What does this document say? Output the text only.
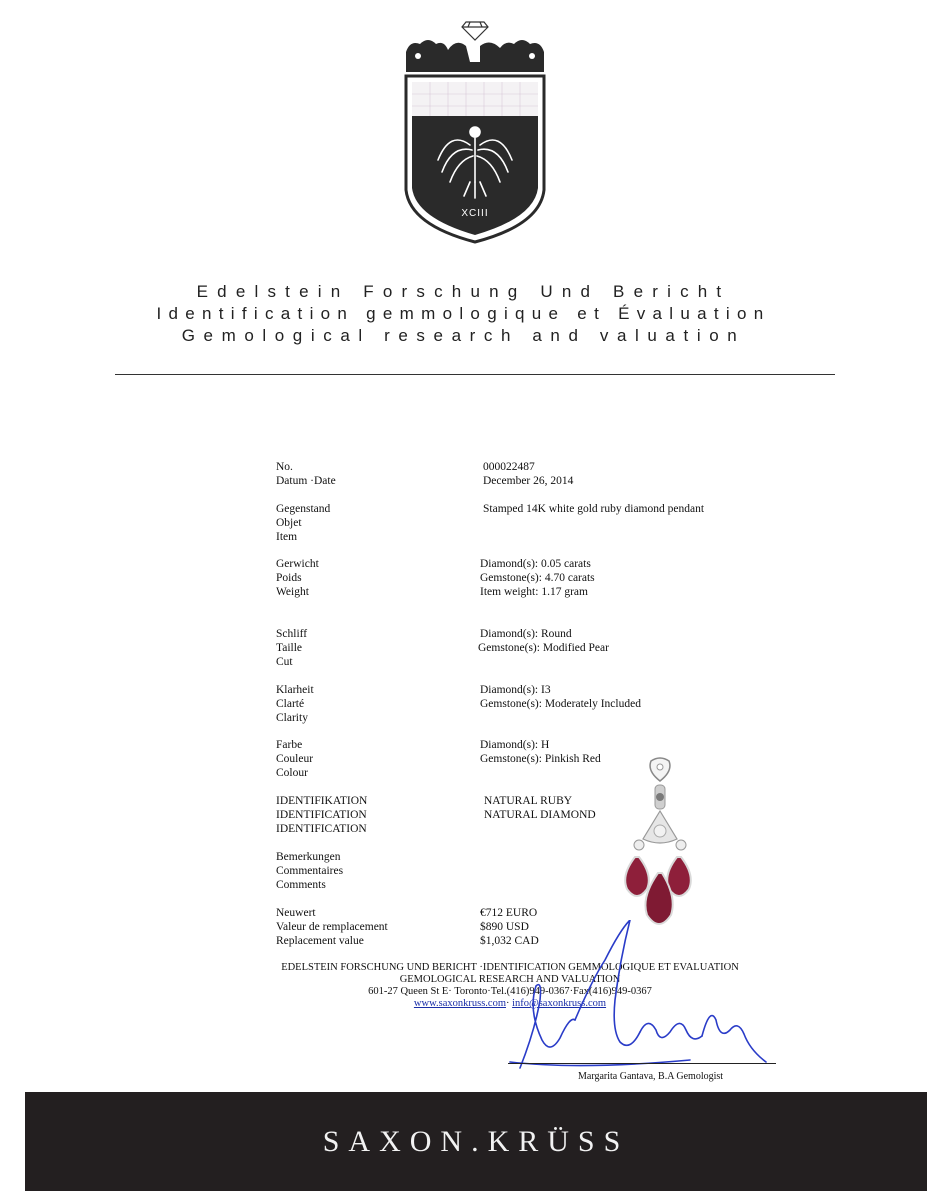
XCIII
Edelstein Forschung Und Bericht
Identification gemmologique et Évaluation
Gemological research and valuation
No.
Datum ·Date
Gegenstand
Objet
Item
Gerwicht
Poids
Weight
Schliff
Taille
Cut
Klarheit
Clarté
Clarity
Farbe
Couleur
Colour
IDENTIFIKATION
IDENTIFICATION
IDENTIFICATION
Bemerkungen
Commentaires
Comments
Neuwert
Valeur de remplacement
Replacement value
000022487
December 26, 2014
Stamped 14K white gold ruby diamond pendant
Diamond(s): 0.05 carats
Gemstone(s): 4.70 carats
Item weight: 1.17 gram
Diamond(s): Round
Gemstone(s): Modified Pear
Diamond(s): I3
Gemstone(s): Moderately Included
Diamond(s): H
Gemstone(s): Pinkish Red
NATURAL RUBY
NATURAL DIAMOND
€712 EURO
$890 USD
$1,032 CAD
EDELSTEIN FORSCHUNG UND BERICHT ·IDENTIFICATION GEMMOLOGIQUE ET EVALUATION
GEMOLOGICAL RESEARCH AND VALUATION
601-27 Queen St E· Toronto·Tel.(416)949-0367·Fax(416)949-0367
www.saxonkruss.com· info@saxonkruss.com
Margarita Gantava, B.A Gemologist
SAXON.KRÜSS
